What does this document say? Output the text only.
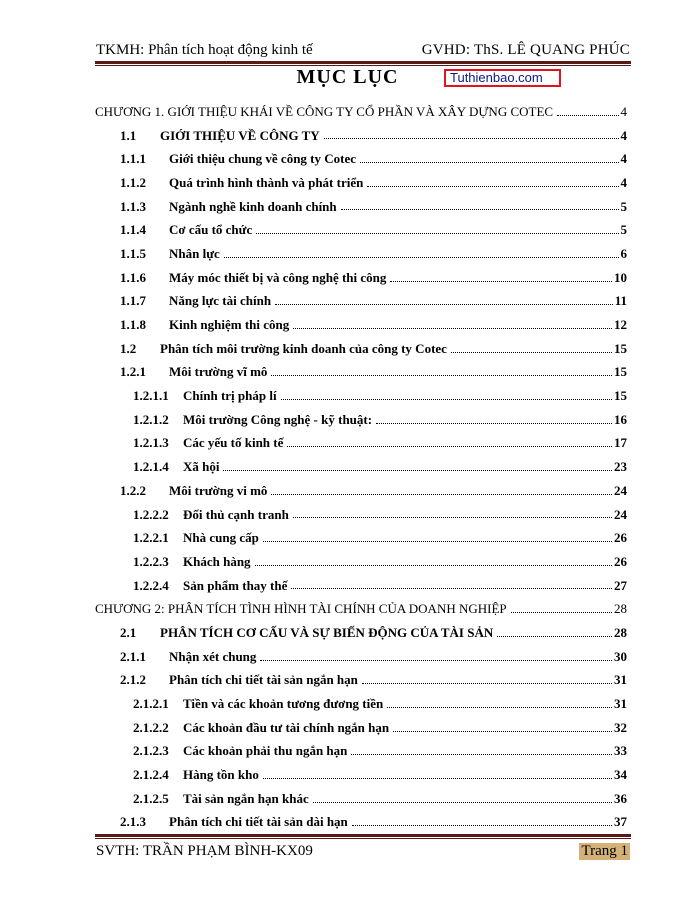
TKMH: Phân tích hoạt động kinh tế	GVHD: ThS. LÊ QUANG PHÚC
MỤC LỤC	Tuthienbao.com
CHƯƠNG 1. GIỚI THIỆU KHÁI VỀ CÔNG TY CỔ PHẦN VÀ XÂY DỰNG COTEC	4
1.1 GIỚI THIỆU VỀ CÔNG TY	4
1.1.1 Giới thiệu chung về công ty Cotec	4
1.1.2 Quá trình hình thành và phát triển	4
1.1.3 Ngành nghề kinh doanh chính	5
1.1.4 Cơ cấu tổ chức	5
1.1.5 Nhân lực	6
1.1.6 Máy móc thiết bị và công nghệ thi công	10
1.1.7 Năng lực tài chính	11
1.1.8 Kinh nghiệm thi công	12
1.2 Phân tích môi trường kinh doanh của công ty Cotec	15
1.2.1 Môi trường vĩ mô	15
1.2.1.1 Chính trị pháp lí	15
1.2.1.2 Môi trường Công nghệ - kỹ thuật:	16
1.2.1.3 Các yếu tố kinh tế	17
1.2.1.4 Xã hội	23
1.2.2 Môi trường vi mô	24
1.2.2.2 Đối thủ cạnh tranh	24
1.2.2.1 Nhà cung cấp	26
1.2.2.3 Khách hàng	26
1.2.2.4 Sản phẩm thay thế	27
CHƯƠNG 2: PHÂN TÍCH TÌNH HÌNH TÀI CHÍNH CỦA DOANH NGHIỆP	28
2.1 PHÂN TÍCH CƠ CẤU VÀ SỰ BIẾN ĐỘNG CỦA TÀI SẢN	28
2.1.1 Nhận xét chung	30
2.1.2 Phân tích chi tiết tài sản ngắn hạn	31
2.1.2.1 Tiền và các khoản tương đương tiền	31
2.1.2.2 Các khoản đầu tư tài chính ngắn hạn	32
2.1.2.3 Các khoản phải thu ngắn hạn	33
2.1.2.4 Hàng tồn kho	34
2.1.2.5 Tài sản ngắn hạn khác	36
2.1.3 Phân tích chi tiết tài sản dài hạn	37
SVTH: TRẦN PHẠM BÌNH-KX09	Trang 1
